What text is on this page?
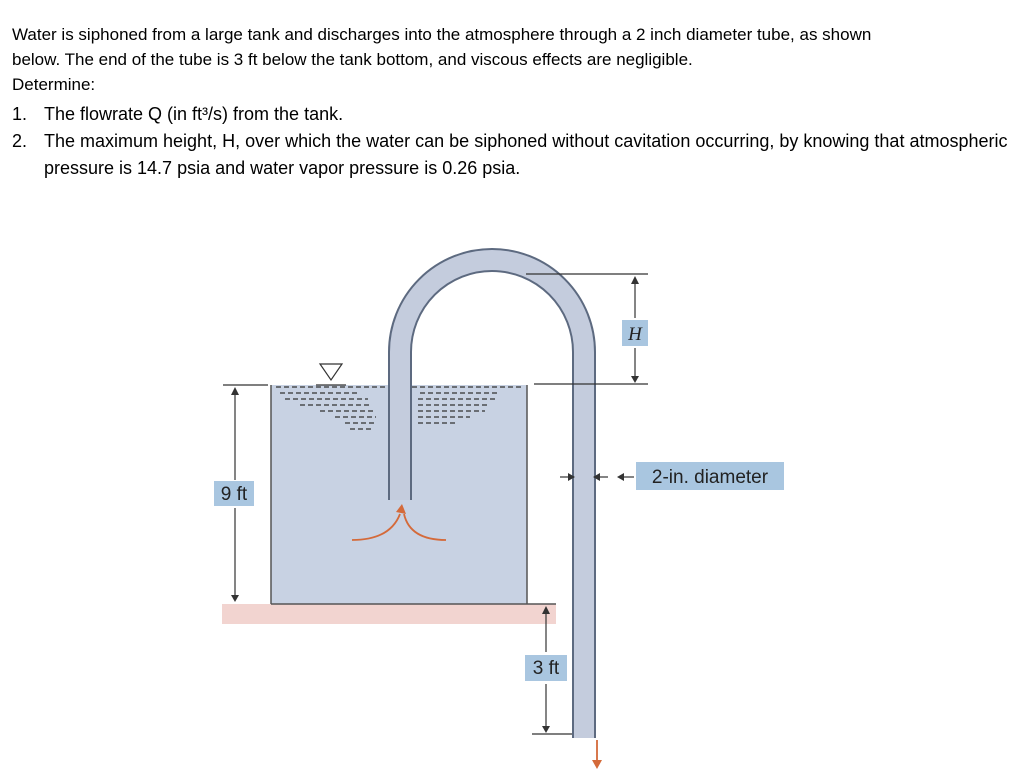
Water is siphoned from a large tank and discharges into the atmosphere through a 2 inch diameter tube, as shown

below. The end of the tube is 3 ft below the tank bottom, and viscous effects are negligible.

Determine:

1. The flowrate Q (in ft³/s) from the tank.
2. The maximum height, H, over which the water can be siphoned without cavitation occurring, by knowing that atmospheric pressure is 14.7 psia and water vapor pressure is 0.26 psia.
9 ft
3 ft
H
2-in. diameter
